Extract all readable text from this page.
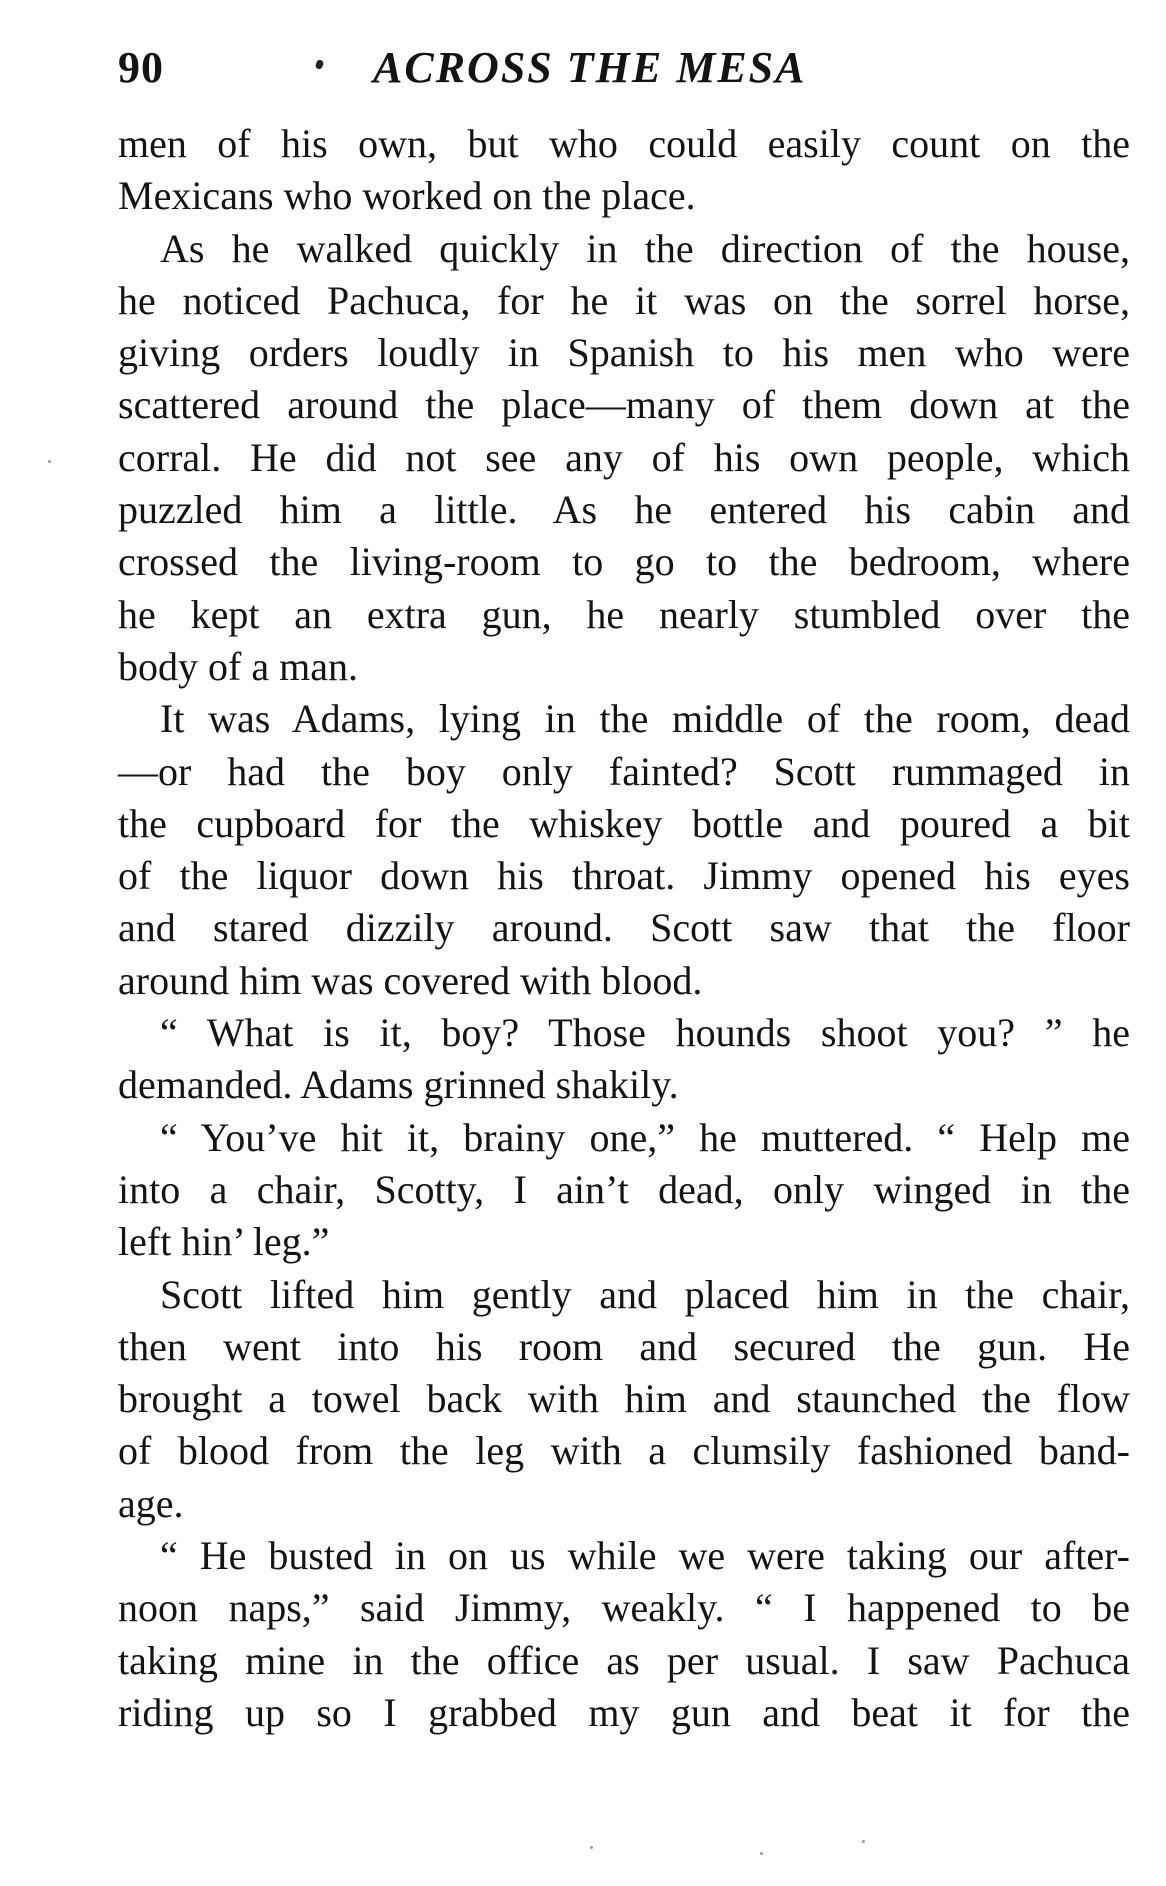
90	ACROSS THE MESA
men of his own, but who could easily count on the
Mexicans who worked on the place.
As he walked quickly in the direction of the house,
he noticed Pachuca, for he it was on the sorrel horse,
giving orders loudly in Spanish to his men who were
scattered around the place—many of them down at the
corral. He did not see any of his own people, which
puzzled him a little. As he entered his cabin and
crossed the living-room to go to the bedroom, where
he kept an extra gun, he nearly stumbled over the
body of a man.
It was Adams, lying in the middle of the room, dead
—or had the boy only fainted? Scott rummaged in
the cupboard for the whiskey bottle and poured a bit
of the liquor down his throat. Jimmy opened his eyes
and stared dizzily around. Scott saw that the floor
around him was covered with blood.
“ What is it, boy? Those hounds shoot you? ” he
demanded. Adams grinned shakily.
“ You’ve hit it, brainy one,” he muttered. “ Help me
into a chair, Scotty, I ain’t dead, only winged in the
left hin’ leg.”
Scott lifted him gently and placed him in the chair,
then went into his room and secured the gun. He
brought a towel back with him and staunched the flow
of blood from the leg with a clumsily fashioned band-
age.
“ He busted in on us while we were taking our after-
noon naps,” said Jimmy, weakly. “ I happened to be
taking mine in the office as per usual. I saw Pachuca
riding up so I grabbed my gun and beat it for the
